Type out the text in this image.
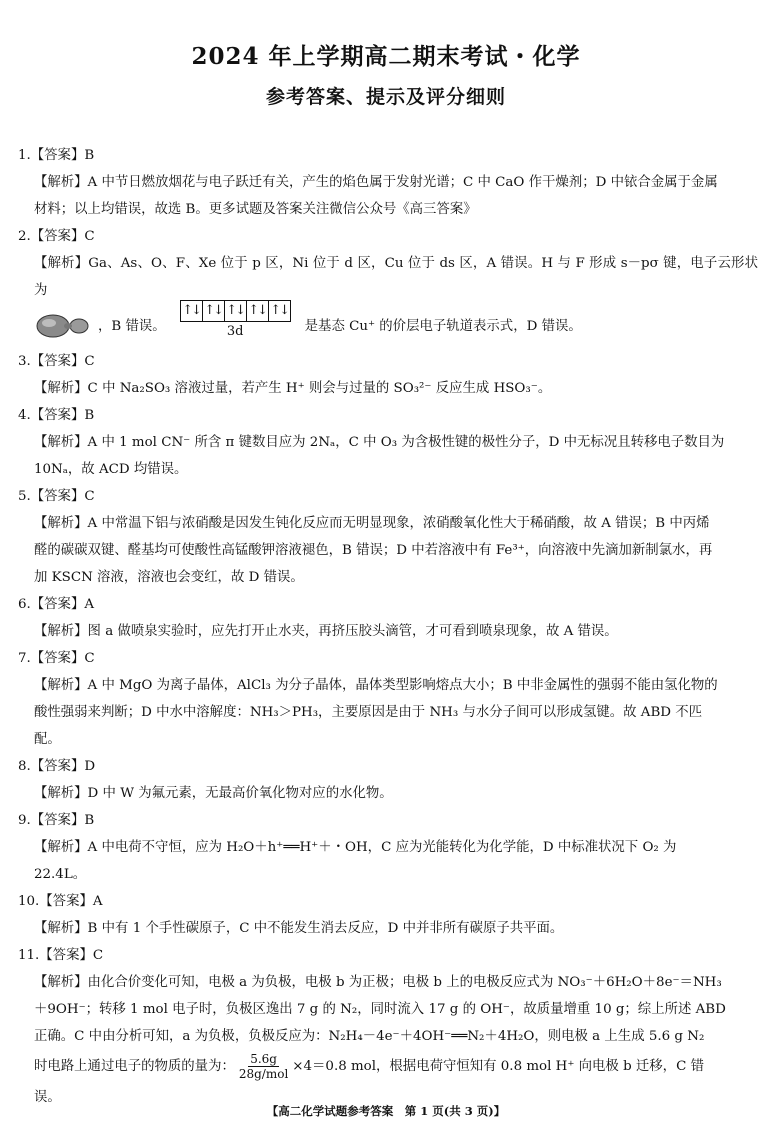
2024 年上学期高二期末考试・化学
参考答案、提示及评分细则

1.【答案】B

【解析】A 中节日燃放烟花与电子跃迁有关，产生的焰色属于发射光谱；C 中 CaO 作干燥剂；D 中铱合金属于金属

材料；以上均错误，故选 B。更多试题及答案关注微信公众号《高三答案》

2.【答案】C

【解析】Ga、As、O、F、Xe 位于 p 区，Ni 位于 d 区，Cu 位于 ds 区，A 错误。H 与 F 形成 s－pσ 键，电子云形状为

，B 错误。
↑↓ ↑↓ ↑↓ ↑↓ ↑↓
3d	是基态 Cu⁺ 的价层电子轨道表示式，D 错误。

3.【答案】C

【解析】C 中 Na₂SO₃ 溶液过量，若产生 H⁺ 则会与过量的 SO₃²⁻ 反应生成 HSO₃⁻。

4.【答案】B

【解析】A 中 1 mol CN⁻ 所含 π 键数目应为 2Nₐ，C 中 O₃ 为含极性键的极性分子，D 中无标况且转移电子数目为

10Nₐ，故 ACD 均错误。

5.【答案】C

【解析】A 中常温下铝与浓硝酸是因发生钝化反应而无明显现象，浓硝酸氧化性大于稀硝酸，故 A 错误；B 中丙烯

醛的碳碳双键、醛基均可使酸性高锰酸钾溶液褪色，B 错误；D 中若溶液中有 Fe³⁺，向溶液中先滴加新制氯水，再

加 KSCN 溶液，溶液也会变红，故 D 错误。

6.【答案】A

【解析】图 a 做喷泉实验时，应先打开止水夹，再挤压胶头滴管，才可看到喷泉现象，故 A 错误。

7.【答案】C

【解析】A 中 MgO 为离子晶体，AlCl₃ 为分子晶体，晶体类型影响熔点大小；B 中非金属性的强弱不能由氢化物的

酸性强弱来判断；D 中水中溶解度：NH₃＞PH₃，主要原因是由于 NH₃ 与水分子间可以形成氢键。故 ABD 不匹

配。

8.【答案】D

【解析】D 中 W 为氟元素，无最高价氧化物对应的水化物。

9.【答案】B

【解析】A 中电荷不守恒，应为 H₂O＋h⁺══H⁺＋・OH，C 应为光能转化为化学能，D 中标准状况下 O₂ 为

22.4L。

10.【答案】A

【解析】B 中有 1 个手性碳原子，C 中不能发生消去反应，D 中并非所有碳原子共平面。

11.【答案】C

【解析】由化合价变化可知，电极 a 为负极，电极 b 为正极；电极 b 上的电极反应式为 NO₃⁻＋6H₂O＋8e⁻＝NH₃

＋9OH⁻；转移 1 mol 电子时，负极区逸出 7 g 的 N₂，同时流入 17 g 的 OH⁻，故质量增重 10 g；综上所述 ABD

正确。C 中由分析可知，a 为负极，负极反应为：N₂H₄－4e⁻＋4OH⁻══N₂＋4H₂O，则电极 a 上生成 5.6 g N₂

时电路上通过电子的物质的量为： $\frac{5.6g}{\text{28g/mol}} \times 4=0.8$ mol，根据电荷守恒知有 0.8 mol H⁺ 向电极 b 迁移，C 错

误。

【高二化学试题参考答案　第 1 页(共 3 页)】
